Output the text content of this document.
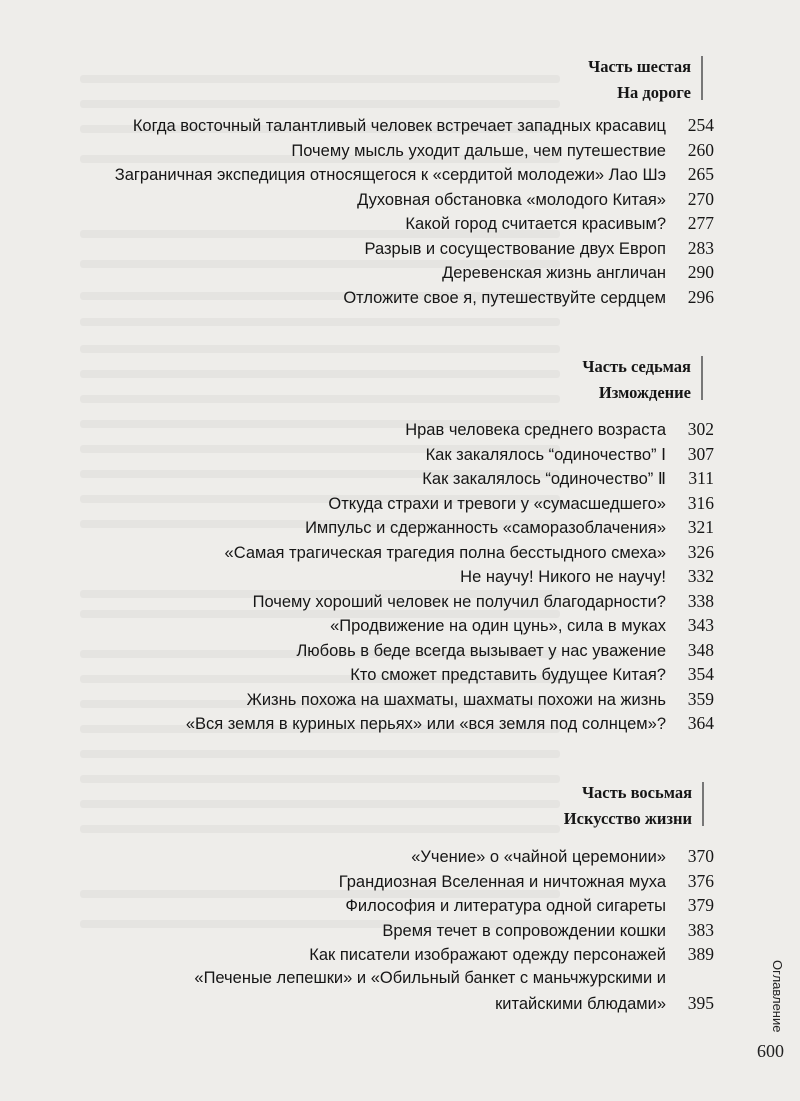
Часть шестая
На дороге
Когда восточный талантливый человек встречает западных красавиц	254
Почему мысль уходит дальше, чем путешествие	260
Заграничная экспедиция относящегося к «сердитой молодежи» Лао Шэ	265
Духовная обстановка «молодого Китая»	270
Какой город считается красивым?	277
Разрыв и сосуществование двух Европ	283
Деревенская жизнь англичан	290
Отложите свое я, путешествуйте сердцем	296
Часть седьмая
Измождение
Нрав человека среднего возраста	302
Как закалялось “одиночество” Ⅰ	307
Как закалялось “одиночество” Ⅱ	311
Откуда страхи и тревоги у «сумасшедшего»	316
Импульс и сдержанность «саморазоблачения»	321
«Самая трагическая трагедия полна бесстыдного смеха»	326
Не научу! Никого не научу!	332
Почему хороший человек не получил благодарности?	338
«Продвижение на один цунь», сила в муках	343
Любовь в беде всегда вызывает у нас уважение	348
Кто сможет представить будущее Китая?	354
Жизнь похожа на шахматы, шахматы похожи на жизнь	359
«Вся земля в куриных перьях» или «вся земля под солнцем»?	364
Часть восьмая
Искусство жизни
«Учение» о «чайной церемонии»	370
Грандиозная Вселенная и ничтожная муха	376
Философия и литература одной сигареты	379
Время течет в сопровождении кошки	383
Как писатели изображают одежду персонажей	389
«Печеные лепешки» и «Обильный банкет с маньчжурскими и
китайскими блюдами»	395	Оглавление
009
